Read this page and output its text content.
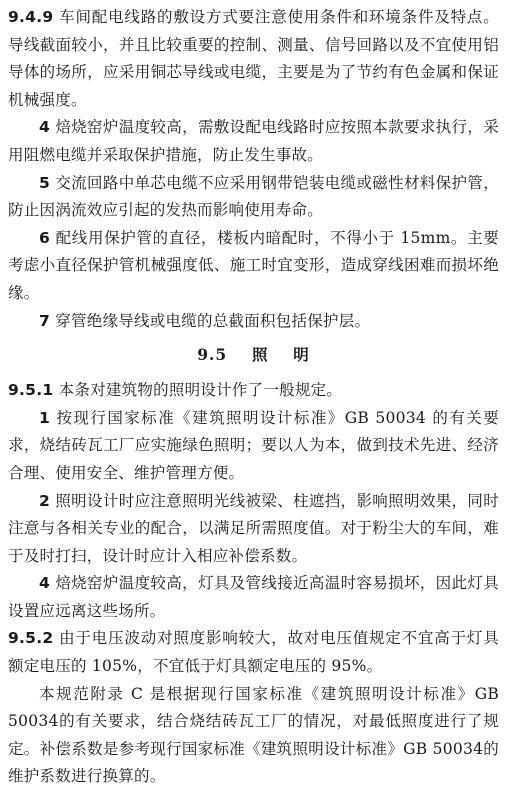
9.4.9 车间配电线路的敷设方式要注意使用条件和环境条件及特点。导线截面较小，并且比较重要的控制、测量、信号回路以及不宜使用铝导体的场所，应采用铜芯导线或电缆，主要是为了节约有色金属和保证机械强度。

4 焙烧窑炉温度较高，需敷设配电线路时应按照本款要求执行，采用阻燃电缆并采取保护措施，防止发生事故。

5 交流回路中单芯电缆不应采用钢带铠装电缆或磁性材料保护管，防止因涡流效应引起的发热而影响使用寿命。

6 配线用保护管的直径，楼板内暗配时，不得小于 15mm。主要考虑小直径保护管机械强度低、施工时宜变形，造成穿线困难而损坏绝缘。

7 穿管绝缘导线或电缆的总截面积包括保护层。

9.5 照 明

9.5.1 本条对建筑物的照明设计作了一般规定。

1 按现行国家标准《建筑照明设计标准》GB 50034 的有关要求，烧结砖瓦工厂应实施绿色照明；要以人为本，做到技术先进、经济合理、使用安全、维护管理方便。

2 照明设计时应注意照明光线被梁、柱遮挡，影响照明效果，同时注意与各相关专业的配合，以满足所需照度值。对于粉尘大的车间，难于及时打扫，设计时应计入相应补偿系数。

4 焙烧窑炉温度较高，灯具及管线接近高温时容易损坏，因此灯具设置应远离这些场所。

9.5.2 由于电压波动对照度影响较大，故对电压值规定不宜高于灯具额定电压的 105%，不宜低于灯具额定电压的 95%。

本规范附录 C 是根据现行国家标准《建筑照明设计标准》GB 50034的有关要求，结合烧结砖瓦工厂的情况，对最低照度进行了规定。补偿系数是参考现行国家标准《建筑照明设计标准》GB 50034的维护系数进行换算的。
